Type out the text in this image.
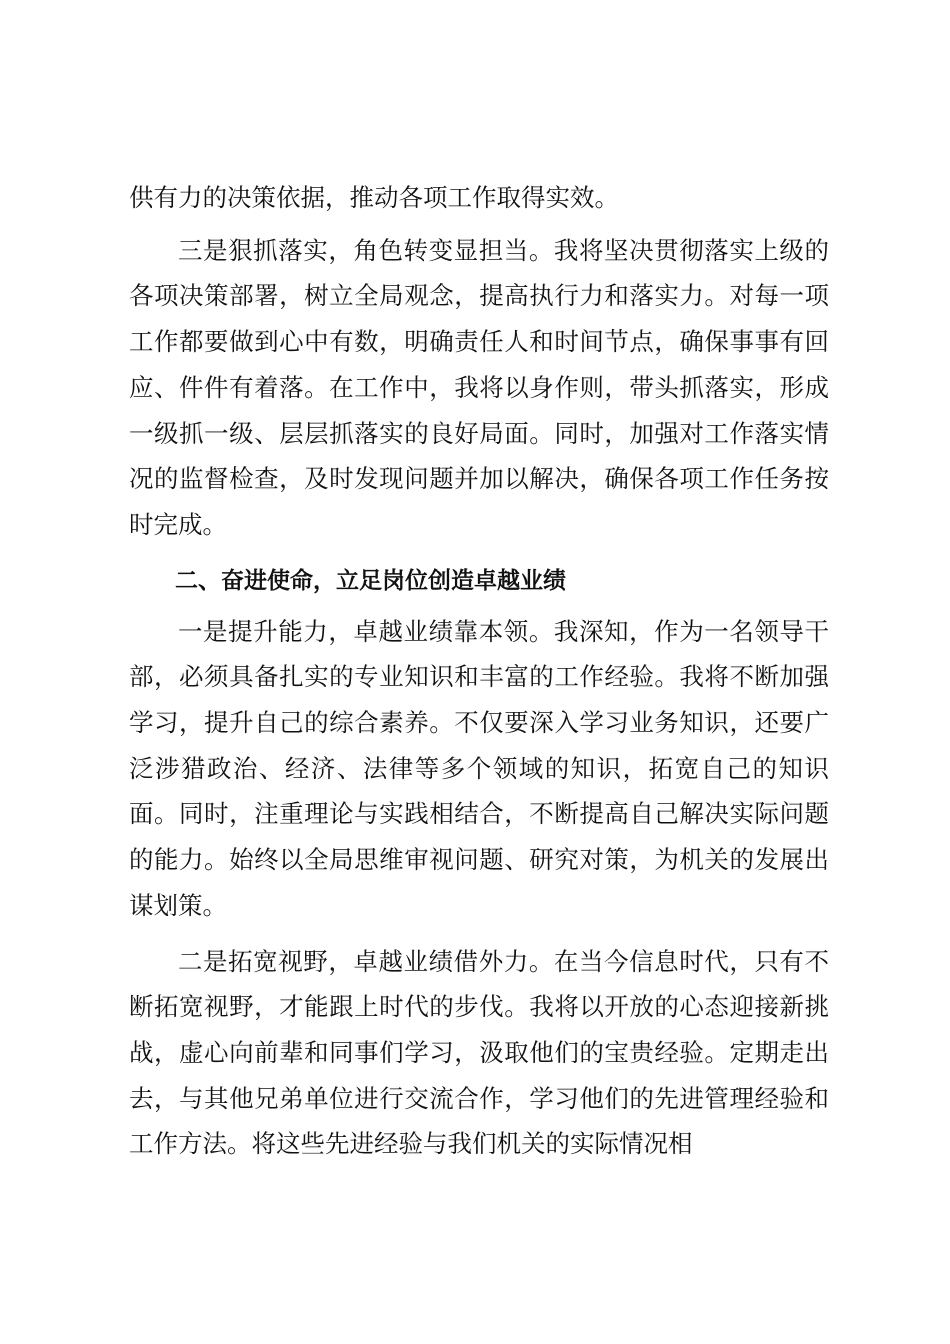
供有力的决策依据，推动各项工作取得实效。

三是狠抓落实，角色转变显担当。我将坚决贯彻落实上级的各项决策部署，树立全局观念，提高执行力和落实力。对每一项工作都要做到心中有数，明确责任人和时间节点，确保事事有回应、件件有着落。在工作中，我将以身作则，带头抓落实，形成一级抓一级、层层抓落实的良好局面。同时，加强对工作落实情况的监督检查，及时发现问题并加以解决，确保各项工作任务按时完成。

二、奋进使命，立足岗位创造卓越业绩

一是提升能力，卓越业绩靠本领。我深知，作为一名领导干部，必须具备扎实的专业知识和丰富的工作经验。我将不断加强学习，提升自己的综合素养。不仅要深入学习业务知识，还要广泛涉猎政治、经济、法律等多个领域的知识，拓宽自己的知识面。同时，注重理论与实践相结合，不断提高自己解决实际问题的能力。始终以全局思维审视问题、研究对策，为机关的发展出谋划策。

二是拓宽视野，卓越业绩借外力。在当今信息时代，只有不断拓宽视野，才能跟上时代的步伐。我将以开放的心态迎接新挑战，虚心向前辈和同事们学习，汲取他们的宝贵经验。定期走出去，与其他兄弟单位进行交流合作，学习他们的先进管理经验和工作方法。将这些先进经验与我们机关的实际情况相
